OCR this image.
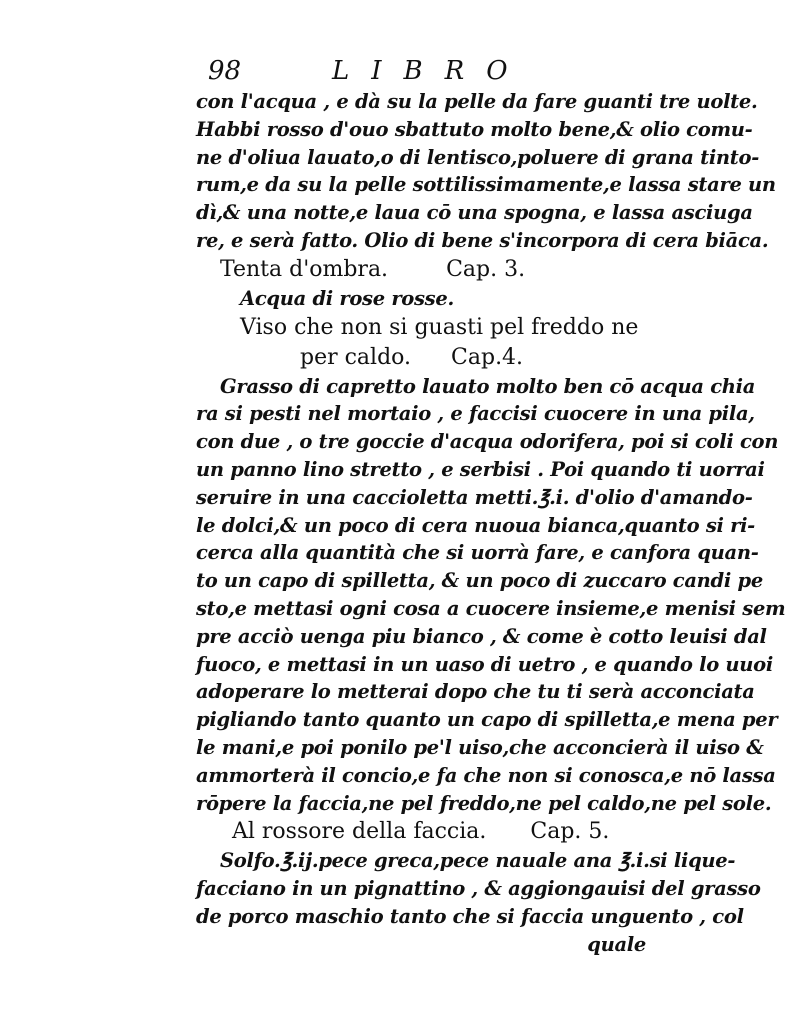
98	LIBRO
con l'acqua , e dà su la pelle da fare guanti tre uolte.
Habbi rosso d'ouo sbattuto molto bene,& olio comu-
ne d'oliua lauato,o di lentisco,poluere di grana tinto-
rum,e da su la pelle sottilissimamente,e lassa stare un
dì,& una notte,e laua cō una spogna, e lassa asciuga
re, e serà fatto. Olio di bene s'incorpora di cera biāca.
Tenta d'ombra.	Cap. 3.
Acqua di rose rosse.
Viso che non si guasti pel freddo ne
per caldo. Cap.4.
Grasso di capretto lauato molto ben cō acqua chia
ra si pesti nel mortaio , e faccisi cuocere in una pila,
con due , o tre goccie d'acqua odorifera, poi si coli con
un panno lino stretto , e serbisi . Poi quando ti uorrai
seruire in una caccioletta metti.℥.i. d'olio d'amando-
le dolci,& un poco di cera nuoua bianca,quanto si ri-
cerca alla quantità che si uorrà fare, e canfora quan-
to un capo di spilletta, & un poco di zuccaro candi pe
sto,e mettasi ogni cosa a cuocere insieme,e menisi sem
pre acciò uenga piu bianco , & come è cotto leuisi dal
fuoco, e mettasi in un uaso di uetro , e quando lo uuoi
adoperare lo metterai dopo che tu ti serà acconciata
pigliando tanto quanto un capo di spilletta,e mena per
le mani,e poi ponilo pe'l uiso,che acconcierà il uiso &
ammorterà il concio,e fa che non si conosca,e nō lassa
rōpere la faccia,ne pel freddo,ne pel caldo,ne pel sole.
Al rossore della faccia. Cap. 5.
Solfo.℥.ij.pece greca,pece nauale ana ℥.i.si lique-
facciano in un pignattino , & aggiongauisi del grasso
de porco maschio tanto che si faccia unguento , col
quale
